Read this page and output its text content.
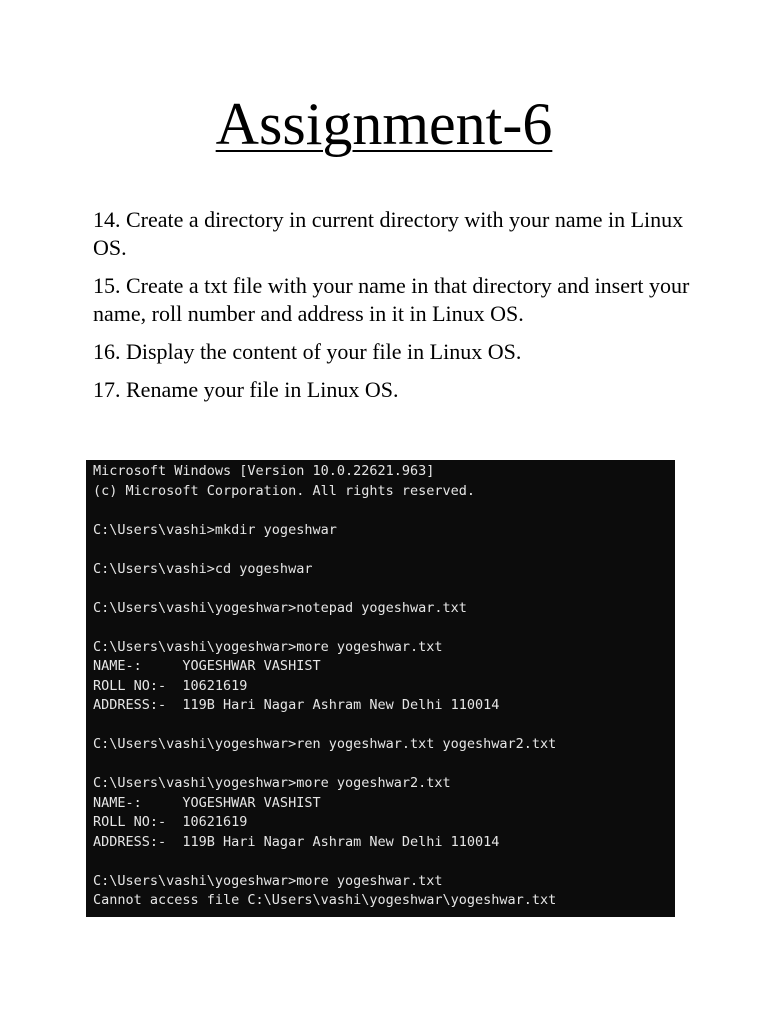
Assignment-6

14. Create a directory in current directory with your name in Linux OS.

15. Create a txt file with your name in that directory and insert your name, roll number and address in it in Linux OS.

16. Display the content of your file in Linux OS.

17. Rename your file in Linux OS.

Microsoft Windows [Version 10.0.22621.963]
(c) Microsoft Corporation. All rights reserved.
C:\Users\vashi>mkdir yogeshwar
C:\Users\vashi>cd yogeshwar
C:\Users\vashi\yogeshwar>notepad yogeshwar.txt
C:\Users\vashi\yogeshwar>more yogeshwar.txt
NAME-:     YOGESHWAR VASHIST
ROLL NO:-  10621619
ADDRESS:-  119B Hari Nagar Ashram New Delhi 110014
C:\Users\vashi\yogeshwar>ren yogeshwar.txt yogeshwar2.txt
C:\Users\vashi\yogeshwar>more yogeshwar2.txt
NAME-:     YOGESHWAR VASHIST
ROLL NO:-  10621619
ADDRESS:-  119B Hari Nagar Ashram New Delhi 110014
C:\Users\vashi\yogeshwar>more yogeshwar.txt
Cannot access file C:\Users\vashi\yogeshwar\yogeshwar.txt
